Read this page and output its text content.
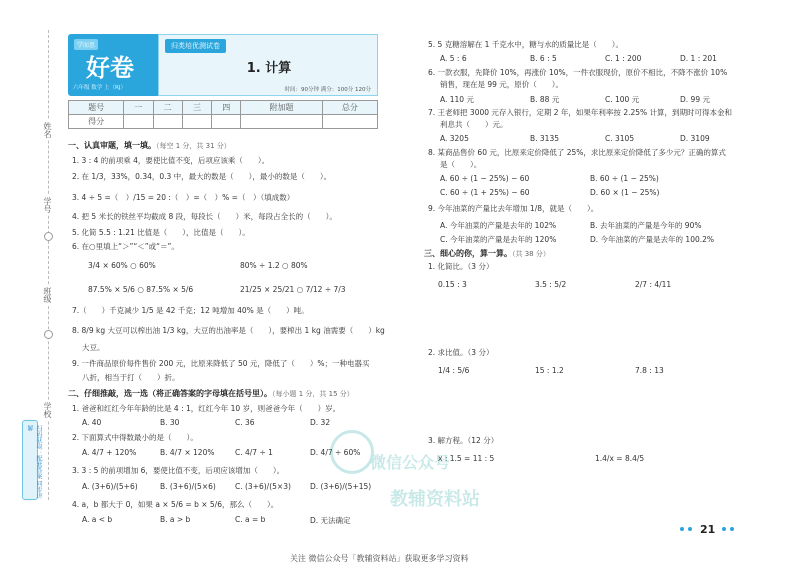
姓名
学号
班级
学校
扫码获取：配套答案 同步讲解
学而思
好卷
六年级 数学 上（RJ）
归类培优测试卷
1. 计算
时间：90分钟 满分：100分 120分
题号	一	二	三	四	附加题	总分
得分						
一、认真审题，填一填。（每空 1 分，共 31 分）
1. 3 : 4 的前项乘 4，要使比值不变，后项应该乘（　　）。
2. 在 1/3，33%，0.34，0.3 中，最大的数是（　　），最小的数是（　　）。
3. 4 ÷ 5 =（　）/15 = 20 :（　）=（　）% =（　）（填成数）
4. 把 5 米长的铁丝平均截成 8 段，每段长（　　）米，每段占全长的（　　）。
5. 化简 5.5 : 1.21 比值是（　　），比值是（　　）。
6. 在○里填上“＞”“＜”或“＝”。
3/4 × 60% ○ 60%	80% ÷ 1.2 ○ 80%
87.5% × 5/6 ○ 87.5% × 5/6	21/25 × 25/21 ○ 7/12 ÷ 7/3
7.（　　）千克减少 1/5 是 42 千克；12 吨增加 40% 是（　　）吨。
8. 8/9 kg 大豆可以榨出油 1/3 kg，大豆的出油率是（　　），要榨出 1 kg 油需要（　　）kg
大豆。
9. 一件商品原价每件售价 200 元，比原来降低了 50 元，降低了（　　）%；一种电器买
八折，相当于打（　　）折。
二、仔细推敲，选一选（将正确答案的字母填在括号里）。（每小题 1 分，共 15 分）
1. 爸爸和红红今年年龄的比是 4 : 1，红红今年 10 岁，则爸爸今年（　　）岁。
A. 40	B. 30	C. 36	D. 32
2. 下面算式中得数最小的是（　　）。
A. 4/7 + 120%	B. 4/7 × 120%	C. 4/7 ÷ 1	D. 4/7 ÷ 60%
3. 3 : 5 的前项增加 6，要使比值不变，后项应该增加（　　）。
A. (3+6)/(5+6)	B. (3+6)/(5×6)	C. (3+6)/(5×3)	D. (3+6)/(5+15)
4. a，b 都大于 0，如果 a × 5/6 = b × 5/6，那么（　　）。
A. a < b	B. a > b	C. a = b	D. 无法确定
5. 5 克糖溶解在 1 千克水中，糖与水的质量比是（　　）。
A. 5 : 6	B. 6 : 5	C. 1 : 200	D. 1 : 201
6. 一款衣服，先降价 10%，再涨价 10%，一件衣服现价，原价不相比，不降不涨价 10%
销售，现在是 99 元，原价（　　）。
A. 110 元	B. 88 元	C. 100 元	D. 99 元
7. 王老师把 3000 元存入银行，定期 2 年，如果年利率按 2.25% 计算，到期时可得本金和
利息共（　　）元。
A. 3205	B. 3135	C. 3105	D. 3109
8. 某商品售价 60 元，比原来定价降低了 25%，求比原来定价降低了多少元？正确的算式
是（　　）。
A. 60 ÷ (1 − 25%) − 60	B. 60 ÷ (1 − 25%)
C. 60 ÷ (1 + 25%) − 60	D. 60 × (1 − 25%)
9. 今年油菜的产量比去年增加 1/8，就是（　　）。
A. 今年油菜的产量是去年的 102%	B. 去年油菜的产量是今年的 90%
C. 今年油菜的产量是去年的 120%	D. 今年油菜的产量是去年的 100.2%
三、细心的你，算一算。（共 38 分）
1. 化简比。（3 分）
0.15 : 3	3.5 : 5/2	2/7 : 4/11
2. 求比值。（3 分）
1/4 : 5/6	15 : 1.2	7.8 : 13
3. 解方程。（12 分）
x : 1.5 = 11 : 5	1.4/x = 8.4/5
微信公众号
教辅资料站
21
关注 微信公众号「教辅资料站」获取更多学习资料
